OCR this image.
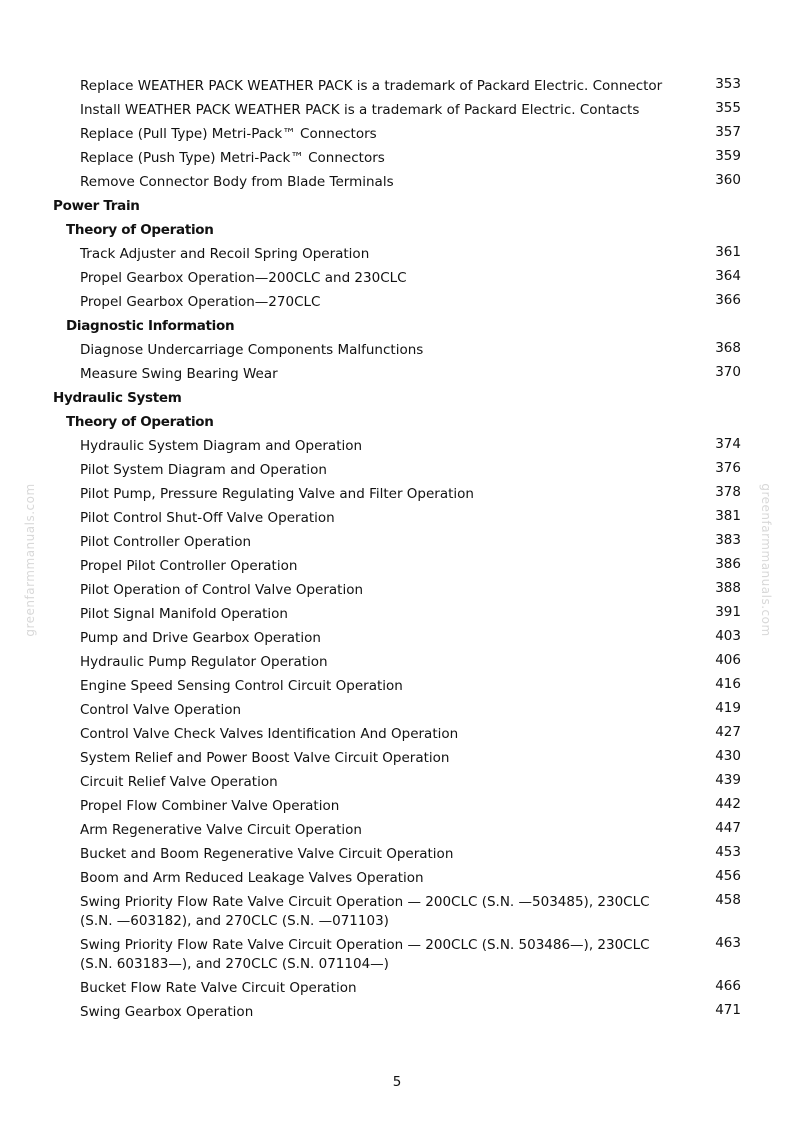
greenfarmmanuals.com	greenfarmmanuals.com
Replace WEATHER PACK WEATHER PACK is a trademark of Packard Electric. Connector	353
Install WEATHER PACK WEATHER PACK is a trademark of Packard Electric. Contacts	355
Replace (Pull Type) Metri-Pack™ Connectors	357
Replace (Push Type) Metri-Pack™ Connectors	359
Remove Connector Body from Blade Terminals	360
Power Train
Theory of Operation
Track Adjuster and Recoil Spring Operation	361
Propel Gearbox Operation—200CLC and 230CLC	364
Propel Gearbox Operation—270CLC	366
Diagnostic Information
Diagnose Undercarriage Components Malfunctions	368
Measure Swing Bearing Wear	370
Hydraulic System
Theory of Operation
Hydraulic System Diagram and Operation	374
Pilot System Diagram and Operation	376
Pilot Pump, Pressure Regulating Valve and Filter Operation	378
Pilot Control Shut-Off Valve Operation	381
Pilot Controller Operation	383
Propel Pilot Controller Operation	386
Pilot Operation of Control Valve Operation	388
Pilot Signal Manifold Operation	391
Pump and Drive Gearbox Operation	403
Hydraulic Pump Regulator Operation	406
Engine Speed Sensing Control Circuit Operation	416
Control Valve Operation	419
Control Valve Check Valves Identification And Operation	427
System Relief and Power Boost Valve Circuit Operation	430
Circuit Relief Valve Operation	439
Propel Flow Combiner Valve Operation	442
Arm Regenerative Valve Circuit Operation	447
Bucket and Boom Regenerative Valve Circuit Operation	453
Boom and Arm Reduced Leakage Valves Operation	456
Swing Priority Flow Rate Valve Circuit Operation — 200CLC (S.N. —503485), 230CLC (S.N. —603182), and 270CLC (S.N. —071103)
458
Swing Priority Flow Rate Valve Circuit Operation — 200CLC (S.N. 503486—), 230CLC (S.N. 603183—), and 270CLC (S.N. 071104—)
463
Bucket Flow Rate Valve Circuit Operation	466
Swing Gearbox Operation	471
5
